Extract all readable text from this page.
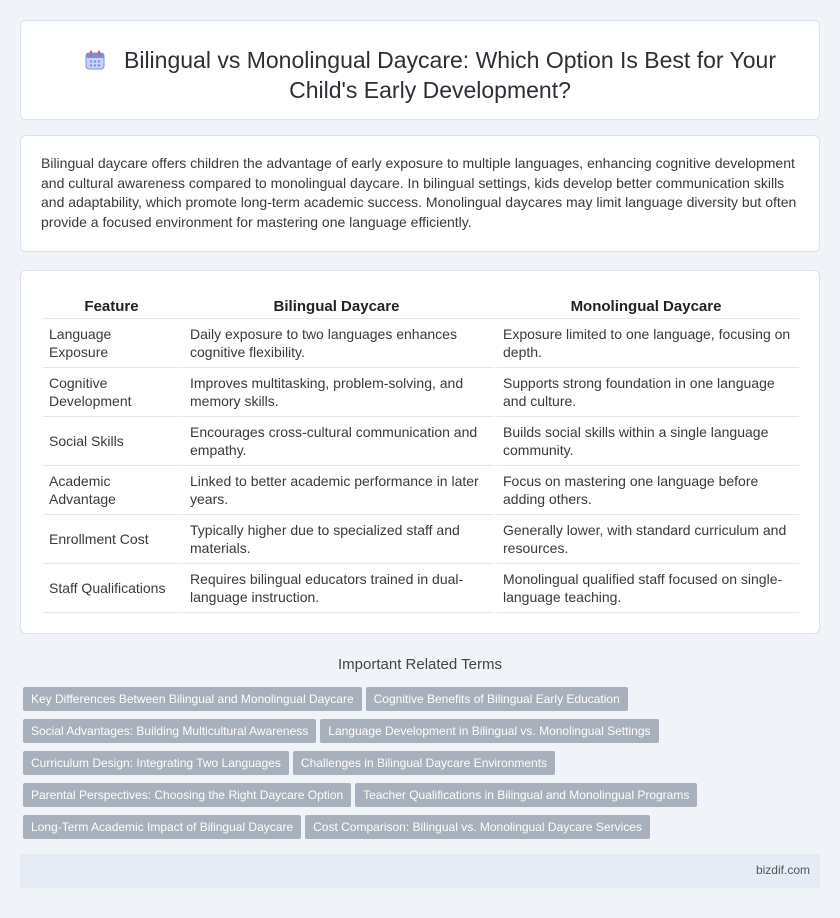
Bilingual vs Monolingual Daycare: Which Option Is Best for Your
Child's Early Development?

Bilingual daycare offers children the advantage of early exposure to multiple languages, enhancing cognitive development and cultural awareness compared to monolingual daycare. In bilingual settings, kids develop better communication skills and adaptability, which promote long-term academic success. Monolingual daycares may limit language diversity but often provide a focused environment for mastering one language efficiently.

Feature	Bilingual Daycare	Monolingual Daycare
Language Exposure	Daily exposure to two languages enhances cognitive flexibility.	Exposure limited to one language, focusing on depth.
Cognitive Development	Improves multitasking, problem-solving, and memory skills.	Supports strong foundation in one language and culture.
Social Skills	Encourages cross-cultural communication and empathy.	Builds social skills within a single language community.
Academic Advantage	Linked to better academic performance in later years.	Focus on mastering one language before adding others.
Enrollment Cost	Typically higher due to specialized staff and materials.	Generally lower, with standard curriculum and resources.
Staff Qualifications	Requires bilingual educators trained in dual-language instruction.	Monolingual qualified staff focused on single-language teaching.
Important Related Terms
Key Differences Between Bilingual and Monolingual Daycare Cognitive Benefits of Bilingual Early Education
Social Advantages: Building Multicultural Awareness Language Development in Bilingual vs. Monolingual Settings
Curriculum Design: Integrating Two Languages Challenges in Bilingual Daycare Environments
Parental Perspectives: Choosing the Right Daycare Option Teacher Qualifications in Bilingual and Monolingual Programs
Long-Term Academic Impact of Bilingual Daycare Cost Comparison: Bilingual vs. Monolingual Daycare Services
bizdif.com
